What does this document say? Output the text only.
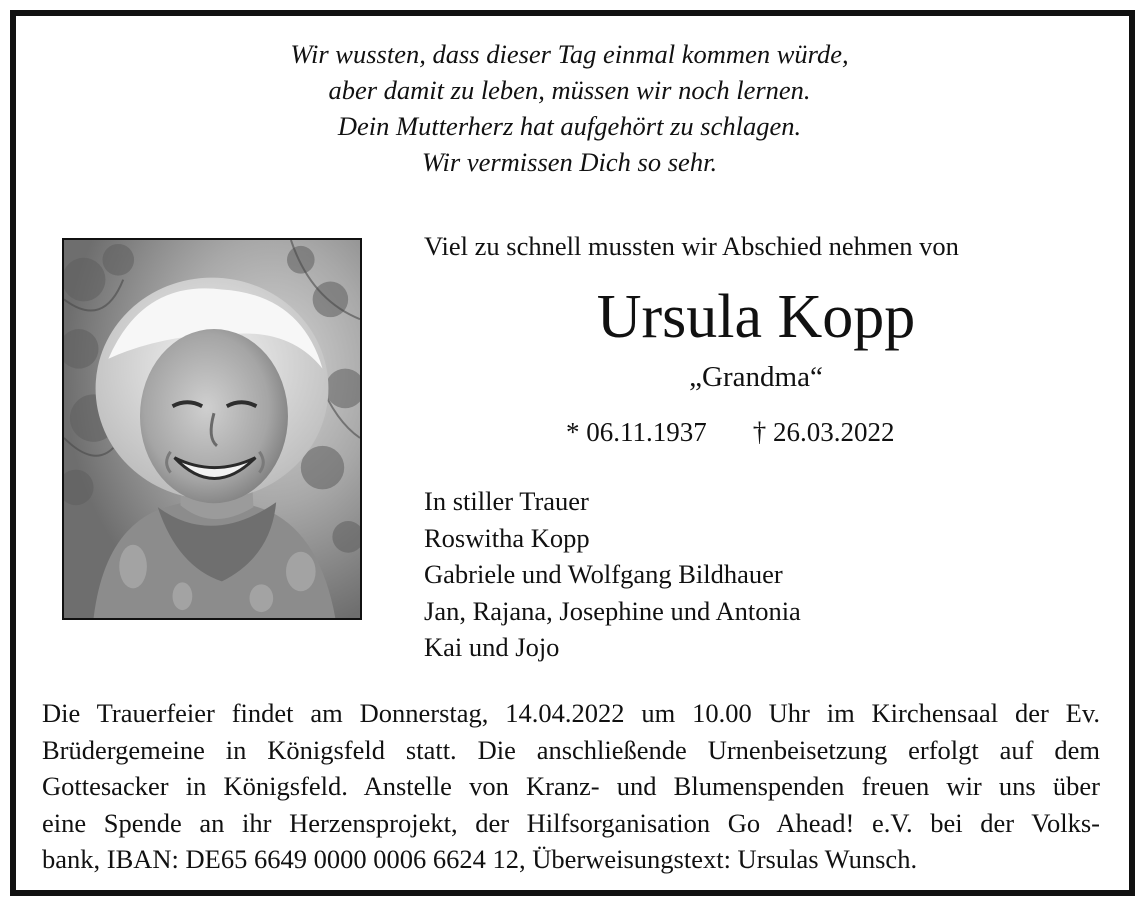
Wir wussten, dass dieser Tag einmal kommen würde,
aber damit zu leben, müssen wir noch lernen.
Dein Mutterherz hat aufgehört zu schlagen.
Wir vermissen Dich so sehr.
Viel zu schnell mussten wir Abschied nehmen von
Ursula Kopp
„Grandma“
* 06.11.1937 † 26.03.2022
In stiller Trauer
Roswitha Kopp
Gabriele und Wolfgang Bildhauer
Jan, Rajana, Josephine und Antonia
Kai und Jojo
Die Trauerfeier findet am Donnerstag, 14.04.2022 um 10.00 Uhr im Kirchensaal der Ev.
Brüdergemeine in Königsfeld statt. Die anschließende Urnenbeisetzung erfolgt auf dem
Gottesacker in Königsfeld. Anstelle von Kranz- und Blumenspenden freuen wir uns über
eine Spende an ihr Herzensprojekt, der Hilfsorganisation Go Ahead! e.V. bei der Volks-
bank, IBAN: DE65 6649 0000 0006 6624 12, Überweisungstext: Ursulas Wunsch.
